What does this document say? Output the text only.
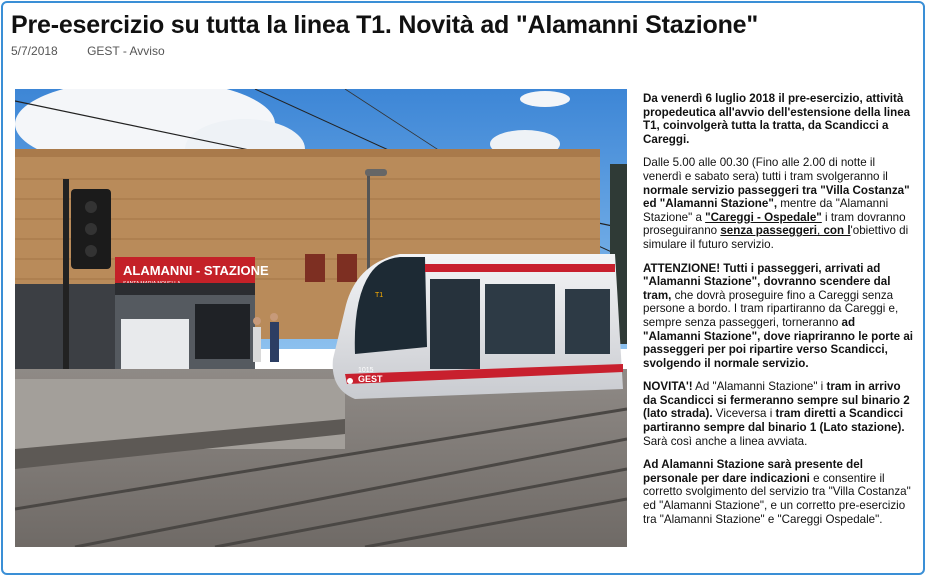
Pre-esercizio su tutta la linea T1. Novità ad "Alamanni Stazione"
5/7/2018 GEST - Avviso
ALAMANNI - STAZIONE
1015
GEST
T1

Da venerdì 6 luglio 2018 il pre-esercizio, attività propedeutica all'avvio dell'estensione della linea T1, coinvolgerà tutta la tratta, da Scandicci a Careggi.

Dalle 5.00 alle 00.30 (Fino alle 2.00 di notte il venerdì e sabato sera) tutti i tram svolgeranno il normale servizio passeggeri tra "Villa Costanza" ed "Alamanni Stazione", mentre da "Alamanni Stazione" a "Careggi - Ospedale" i tram dovranno proseguiranno senza passeggeri, con l'obiettivo di simulare il futuro servizio.

ATTENZIONE! Tutti i passeggeri, arrivati ad "Alamanni Stazione", dovranno scendere dal tram, che dovrà proseguire fino a Careggi senza persone a bordo. I tram ripartiranno da Careggi e, sempre senza passeggeri, torneranno ad "Alamanni Stazione", dove riapriranno le porte ai passeggeri per poi ripartire verso Scandicci, svolgendo il normale servizio.

NOVITA'! Ad "Alamanni Stazione" i tram in arrivo da Scandicci si fermeranno sempre sul binario 2 (lato strada). Viceversa i tram diretti a Scandicci partiranno sempre dal binario 1 (Lato stazione). Sarà così anche a linea avviata.

Ad Alamanni Stazione sarà presente del personale per dare indicazioni e consentire il corretto svolgimento del servizio tra "Villa Costanza" ed "Alamanni Stazione", e un corretto pre-esercizio tra "Alamanni Stazione" e "Careggi Ospedale".
